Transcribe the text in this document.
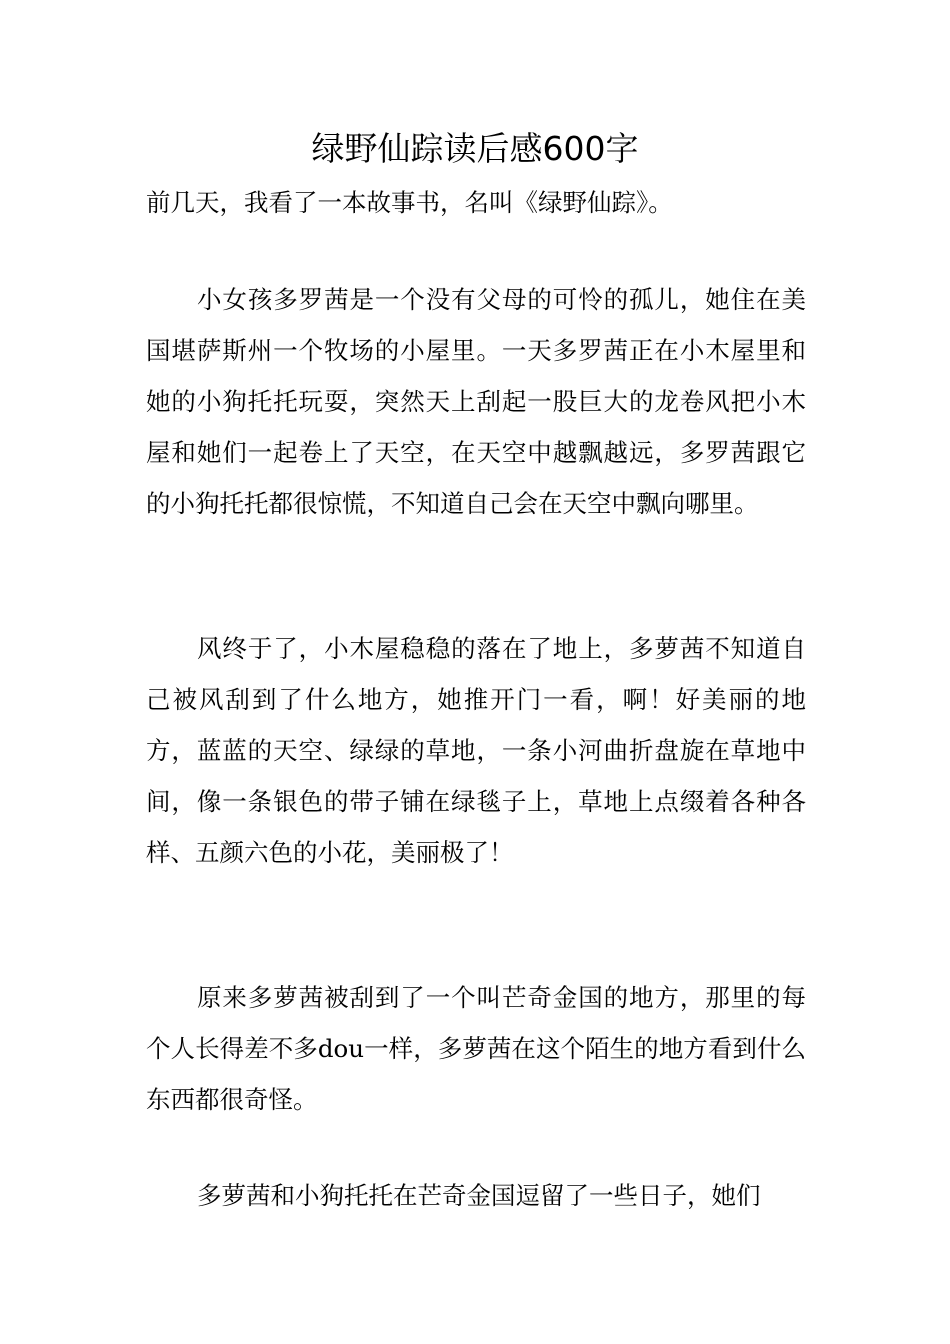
绿野仙踪读后感600字

前几天，我看了一本故事书，名叫《绿野仙踪》。

小女孩多罗茜是一个没有父母的可怜的孤儿，她住在美国堪萨斯州一个牧场的小屋里。一天多罗茜正在小木屋里和她的小狗托托玩耍，突然天上刮起一股巨大的龙卷风把小木屋和她们一起卷上了天空，在天空中越飘越远，多罗茜跟它的小狗托托都很惊慌，不知道自己会在天空中飘向哪里。

风终于了，小木屋稳稳的落在了地上，多萝茜不知道自己被风刮到了什么地方，她推开门一看，啊！好美丽的地方，蓝蓝的天空、绿绿的草地，一条小河曲折盘旋在草地中间，像一条银色的带子铺在绿毯子上，草地上点缀着各种各样、五颜六色的小花，美丽极了！

原来多萝茜被刮到了一个叫芒奇金国的地方，那里的每个人长得差不多dou一样，多萝茜在这个陌生的地方看到什么东西都很奇怪。

多萝茜和小狗托托在芒奇金国逗留了一些日子，她们
